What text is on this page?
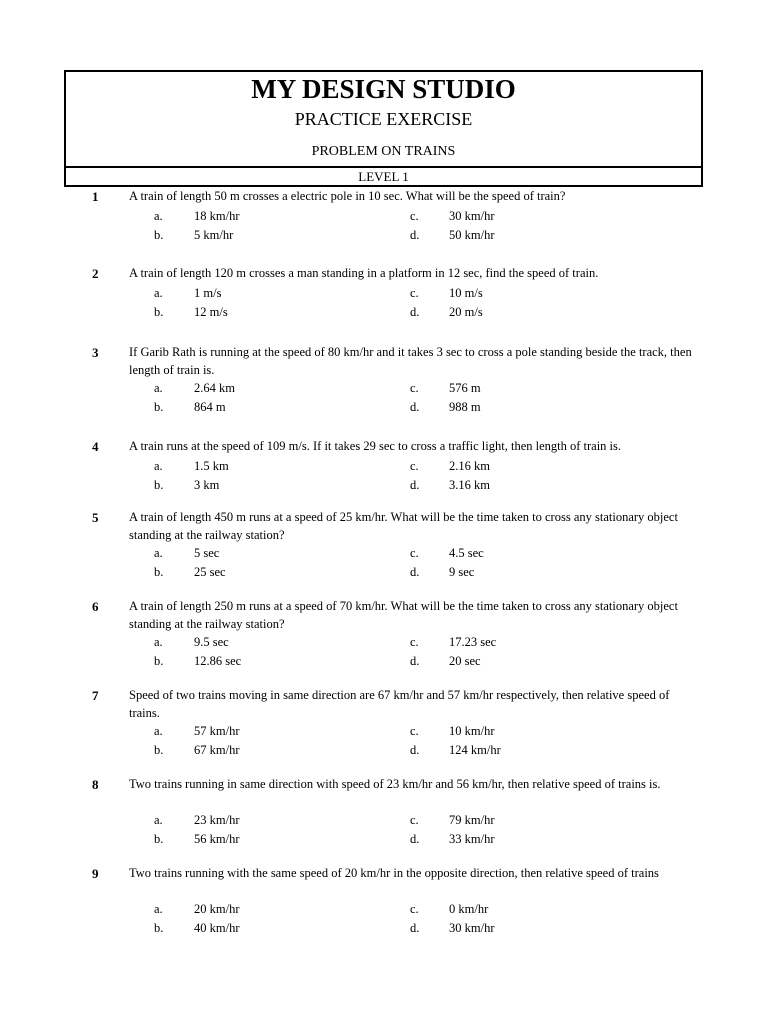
MY DESIGN STUDIO
PRACTICE EXERCISE
PROBLEM ON TRAINS
LEVEL 1
1 A train of length 50 m crosses a electric pole in 10 sec. What will be the speed of train?
a.	18 km/hr
b. 5 km/hr
c. 30 km/hr
d. 50 km/hr
2 A train of length 120 m crosses a man standing in a platform in 12 sec, find the speed of train.
a.	1 m/s
b. 12 m/s
c. 10 m/s
d. 20 m/s
3 If Garib Rath is running at the speed of 80 km/hr and it takes 3 sec to cross a pole standing beside the track, then length of train is.
a.	2.64 km
b. 864 m
c. 576 m
d. 988 m
4 A train runs at the speed of 109 m/s. If it takes 29 sec to cross a traffic light, then length of train is.
a.	1.5 km
b. 3 km
c. 2.16 km
d. 3.16 km
5 A train of length 450 m runs at a speed of 25 km/hr. What will be the time taken to cross any stationary object standing at the railway station?
a.	5 sec
b. 25 sec
c. 4.5 sec
d. 9 sec
6 A train of length 250 m runs at a speed of 70 km/hr. What will be the time taken to cross any stationary object standing at the railway station?
a.	9.5 sec
b. 12.86 sec
c. 17.23 sec
d. 20 sec
7 Speed of two trains moving in same direction are 67 km/hr and 57 km/hr respectively, then relative speed of trains.
a.	57 km/hr
b. 67 km/hr
c. 10 km/hr
d. 124 km/hr
8 Two trains running in same direction with speed of 23 km/hr and 56 km/hr, then relative speed of trains is.
a.	23 km/hr
b. 56 km/hr
c. 79 km/hr
d. 33 km/hr
9 Two trains running with the same speed of 20 km/hr in the opposite direction, then relative speed of trains
a.	20 km/hr
b. 40 km/hr
c. 0 km/hr
d. 30 km/hr
